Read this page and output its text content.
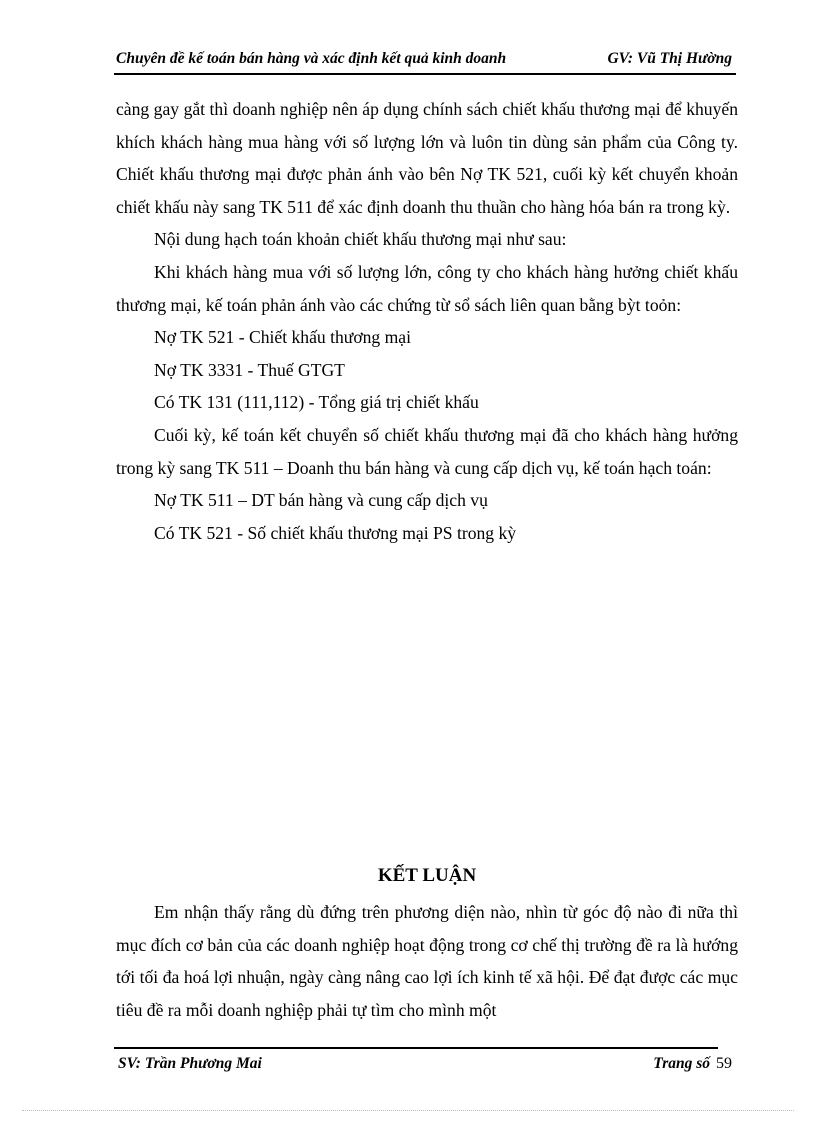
Chuyên đề kế toán bán hàng và xác định kết quả kinh doanh	GV: Vũ Thị Hường

càng gay gắt thì doanh nghiệp nên áp dụng chính sách chiết khấu thương mại để khuyến khích khách hàng mua hàng với số lượng lớn và luôn tin dùng sản phẩm của Công ty. Chiết khấu thương mại được phản ánh vào bên Nợ TK 521, cuối kỳ kết chuyển khoản chiết khấu này sang TK 511 để xác định doanh thu thuần cho hàng hóa bán ra trong kỳ.

Nội dung hạch toán khoản chiết khấu thương mại như sau:

Khi khách hàng mua với số lượng lớn, công ty cho khách hàng hưởng chiết khấu thương mại, kế toán phản ánh vào các chứng từ sổ sách liên quan bằng bỳt toỏn:

Nợ TK 521 - Chiết khấu thương mại

Nợ TK 3331 - Thuế GTGT

Có TK 131 (111,112) - Tổng giá trị chiết khấu

Cuối kỳ, kế toán kết chuyển số chiết khấu thương mại đã cho khách hàng hưởng trong kỳ sang TK 511 – Doanh thu bán hàng và cung cấp dịch vụ, kế toán hạch toán:

Nợ TK 511 – DT bán hàng và cung cấp dịch vụ

Có TK 521 - Số chiết khấu thương mại PS trong kỳ

KẾT LUẬN

Em nhận thấy rằng dù đứng trên phương diện nào, nhìn từ góc độ nào đi nữa thì mục đích cơ bản của các doanh nghiệp hoạt động trong cơ chế thị trường đề ra là hướng tới tối đa hoá lợi nhuận, ngày càng nâng cao lợi ích kinh tế xã hội. Để đạt được các mục tiêu đề ra mỗi doanh nghiệp phải tự tìm cho mình một

SV: Trần Phương Mai	Trang số 59
